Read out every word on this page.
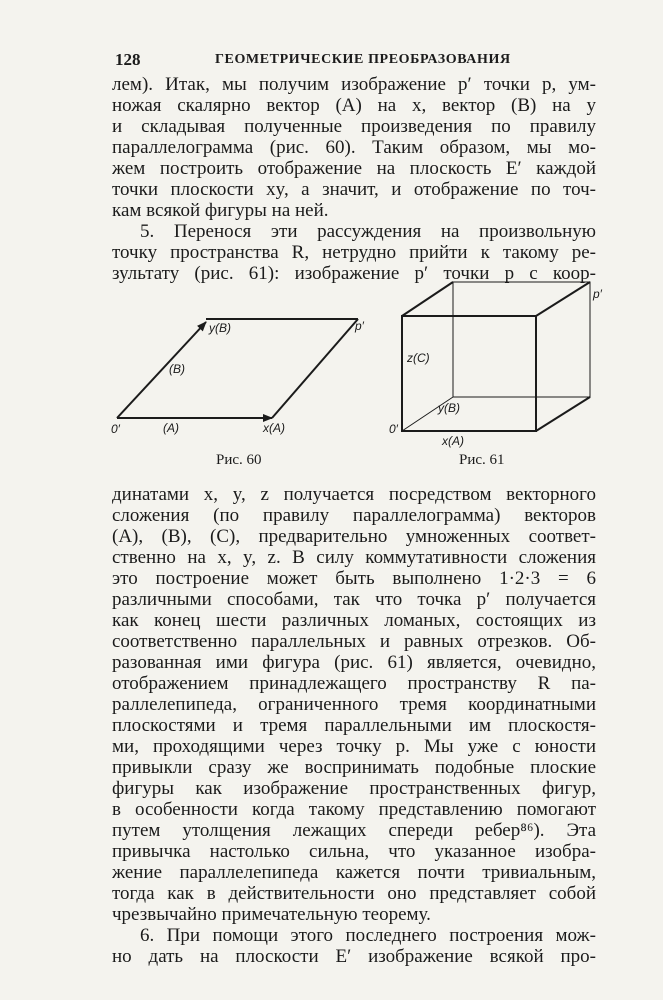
128	ГЕОМЕТРИЧЕСКИЕ ПРЕОБРАЗОВАНИЯ
лем). Итак, мы получим изображение p′ точки p, ум-
ножая скалярно вектор (A) на x, вектор (B) на y
и складывая полученные произведения по правилу
параллелограмма (рис. 60). Таким образом, мы мо-
жем построить отображение на плоскость E′ каждой
точки плоскости xy, а значит, и отображение по точ-
кам всякой фигуры на ней.
5. Перенося эти рассуждения на произвольную
точку пространства R, нетрудно прийти к такому ре-
зультату (рис. 61): изображение p′ точки p с коор-
0′	(A)	x(A)
(B)
y(B)	p′
0′
z(C)
y(B)
x(A)
p′
Рис. 60	Рис. 61
динатами x, y, z получается посредством векторного
сложения (по правилу параллелограмма) векторов
(A), (B), (C), предварительно умноженных соответ-
ственно на x, y, z. В силу коммутативности сложения
это построение может быть выполнено 1·2·3 = 6
различными способами, так что точка p′ получается
как конец шести различных ломаных, состоящих из
соответственно параллельных и равных отрезков. Об-
разованная ими фигура (рис. 61) является, очевидно,
отображением принадлежащего пространству R па-
раллелепипеда, ограниченного тремя координатными
плоскостями и тремя параллельными им плоскостя-
ми, проходящими через точку p. Мы уже с юности
привыкли сразу же воспринимать подобные плоские
фигуры как изображение пространственных фигур,
в особенности когда такому представлению помогают
путем утолщения лежащих спереди ребер⁸⁶). Эта
привычка настолько сильна, что указанное изобра-
жение параллелепипеда кажется почти тривиальным,
тогда как в действительности оно представляет собой
чрезвычайно примечательную теорему.
6. При помощи этого последнего построения мож-
но дать на плоскости E′ изображение всякой про-
